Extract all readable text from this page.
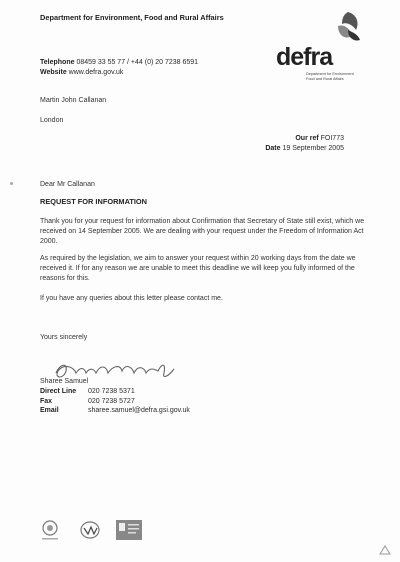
Department for Environment, Food and Rural Affairs
Telephone 08459 33 55 77 / +44 (0) 20 7238 6591
Website www.defra.gov.uk
defra
Department for Environment
Food and Rural Affairs
Martin John Callanan
London
Our ref FOI773
Date 19 September 2005
Dear Mr Callanan
REQUEST FOR INFORMATION
Thank you for your request for information about Confirmation that Secretary of State still exist, which we received on 14 September 2005. We are dealing with your request under the Freedom of Information Act 2000.
As required by the legislation, we aim to answer your request within 20 working days from the date we received it. If for any reason we are unable to meet this deadline we will keep you fully informed of the reasons for this.
If you have any queries about this letter please contact me.
Yours sincerely
Sharee Samuel
Direct Line	020 7238 5371
Fax	020 7238 5727
Email	sharee.samuel@defra.gsi.gov.uk
